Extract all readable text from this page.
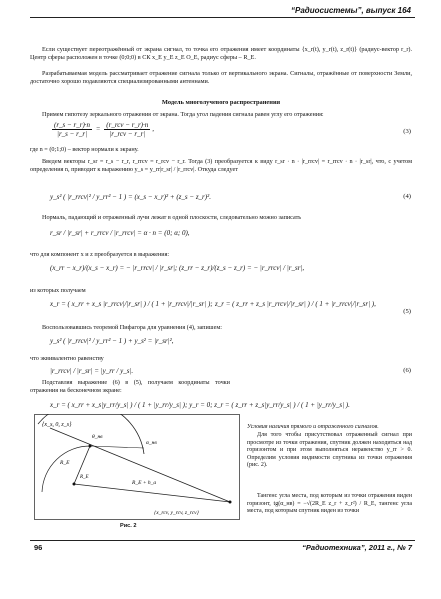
“Радиосистемы”, выпуск 164
Если существует переотражённый от экрана сигнал, то точка его отражения имеет координаты {x_r(t), y_r(t), z_r(t)} (радиус-вектор r_r). Центр сферы расположен в точке (0;0;0) в СК x_E y_E z_E O_E, радиус сферы – R_E.
Разрабатываемая модель рассматривает отражение сигнала только от вертикального экрана. Сигналы, отражённые от поверхности Земли, достаточно хорошо подавляются специализированными антеннами.
Модель многолучевого распространения
Примем гипотезу зеркального отражения от экрана. Тогда угол падения сигнала равен углу его отражения:
$\frac{(r\_s - r\_r)\cdot n}{|r\_s - r\_r|}$ =
(r_rcv − r_r)·n
|r_rcv − r_r|
,	(3)
где n = (0;1;0) – вектор нормали к экрану.
Введем векторы r_sr = r_s − r_r, r_rrcv = r_rcv − r_r. Тогда (3) преобразуется к виду r_sr · n · |r_rrcv| = r_rrcv · n · |r_sr|, что, с учетом определения n, приводит к выражению y_s = y_rr|r_sr| / |r_rrcv|. Откуда следует
y_s² ( |r_rrcv|² / y_rr² − 1 ) = (x_s − x_r)² + (z_s − z_r)².	(4)
Нормаль, падающий и отраженный лучи лежат в одной плоскости, следовательно можно записать
r_sr / |r_sr| + r_rrcv / |r_rrcv| = α · n = (0; α; 0),
что для компонент x и z преобразуется в выражения:
(x_rr − x_r)/(x_s − x_r) = − |r_rrcv| / |r_sr|; (z_rr − z_r)/(z_s − z_r) = − |r_rrcv| / |r_sr|,
из которых получаем
x_r = ( x_rr + x_s |r_rrcv|/|r_sr| ) / ( 1 + |r_rrcv|/|r_sr| ); z_r = ( z_rr + z_s |r_rrcv|/|r_sr| ) / ( 1 + |r_rrcv|/|r_sr| ),
(5)
Воспользовавшись теоремой Пифагора для уравнения (4), запишем:
y_s² ( |r_rrcv|² / y_rr² − 1 ) + y_s² = |r_sr|²,
что эквивалентно равенству
|r_rrcv| / |r_sr| = |y_rr / y_s|.	(6)
Подставляя выражение (6) в (5), получаем координаты точки отражения на бесконечном экране:
x_r = ( x_rr + x_s|y_rr/y_s| ) / ( 1 + |y_rr/y_s| ); y_r = 0; z_r = ( z_rr + z_s|y_rr/y_s| ) / ( 1 + |y_rr/y_s| ).
{x_s, 0, z_s}
θ_нв
R_E
R_E + h_a
α_нв
{x_rcv, y_rcv, z_rcv}
R_E
Рис. 2
Условия наличия прямого и отраженного сигналов.
Для того чтобы присутствовал отраженный сигнал при просмотре из точки отражения, спутник должен находиться над горизонтом и при этом выполняться неравенство y_rr > 0. Определим условия видимости спутника из точки отражения (рис. 2).
Тангенс угла места, под которым из точки отражения виден горизонт, tg(α_нв) = −√(2R_E z_r + z_r²) / R_E, тангенс угла места, под которым спутник виден из точки
96	“Радиотехника”, 2011 г., № 7
